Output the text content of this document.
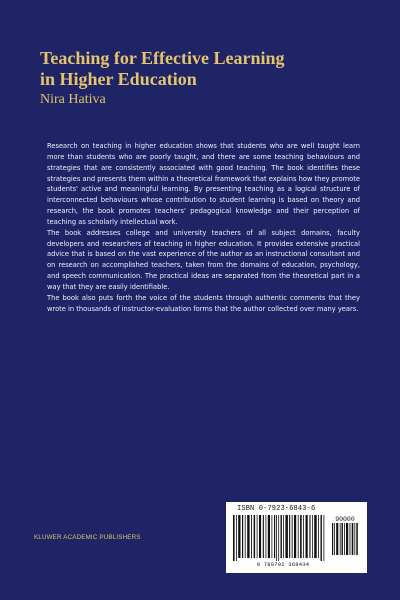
Teaching for Effective Learning
in Higher Education

Nira Hativa

Research on teaching in higher education shows that students who are well taught learn more than students who are poorly taught, and there are some teaching behaviours and strategies that are consistently associated with good teaching. The book identifies these strategies and presents them within a theoretical framework that explains how they promote students' active and meaningful learning. By presenting teaching as a logical structure of interconnected behaviours whose contribution to student learning is based on theory and research, the book promotes teachers' pedagogical knowledge and their perception of teaching as scholarly intellectual work.

The book addresses college and university teachers of all subject domains, faculty developers and researchers of teaching in higher education. It provides extensive practical advice that is based on the vast experience of the author as an instructional consultant and on research on accomplished teachers, taken from the domains of education, psychology, and speech communication. The practical ideas are separated from the theoretical part in a way that they are easily identifiable.

The book also puts forth the voice of the students through authentic comments that they wrote in thousands of instructor-evaluation forms that the author collected over many years.

ISBN 0-7923-6843-6

90000

9 780792 368434

KLUWER ACADEMIC PUBLISHERS
